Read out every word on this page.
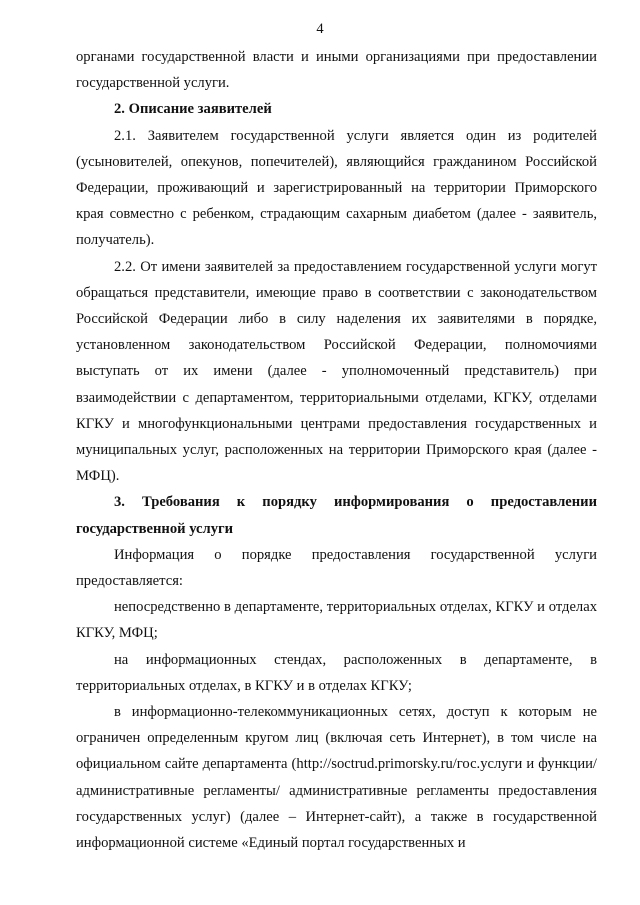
4

органами государственной власти и иными организациями при предоставлении государственной услуги.

2. Описание заявителей

2.1. Заявителем государственной услуги является один из родителей (усыновителей, опекунов, попечителей), являющийся гражданином Российской Федерации, проживающий и зарегистрированный на территории Приморского края совместно с ребенком, страдающим сахарным диабетом (далее - заявитель, получатель).

2.2. От имени заявителей за предоставлением государственной услуги могут обращаться представители, имеющие право в соответствии с законодательством Российской Федерации либо в силу наделения их заявителями в порядке, установленном законодательством Российской Федерации, полномочиями выступать от их имени (далее - уполномоченный представитель) при взаимодействии с департаментом, территориальными отделами, КГКУ, отделами КГКУ и многофункциональными центрами предоставления государственных и муниципальных услуг, расположенных на территории Приморского края (далее - МФЦ).

3. Требования к порядку информирования о предоставлении государственной услуги

Информация о порядке предоставления государственной услуги предоставляется:

непосредственно в департаменте, территориальных отделах, КГКУ и отделах КГКУ, МФЦ;

на информационных стендах, расположенных в департаменте, в территориальных отделах, в КГКУ и в отделах КГКУ;

в информационно-телекоммуникационных сетях, доступ к которым не ограничен определенным кругом лиц (включая сеть Интернет), в том числе на официальном сайте департамента (http://soctrud.primorsky.ru/гос.услуги и функции/административные регламенты/ административные регламенты предоставления государственных услуг) (далее – Интернет-сайт), а также в государственной информационной системе «Единый портал государственных и
